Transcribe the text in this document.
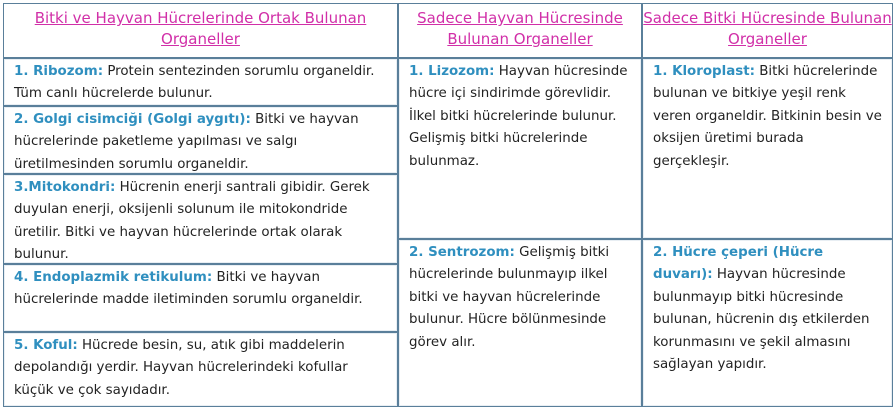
Bitki ve Hayvan Hücrelerinde Ortak Bulunan Organeller
Sadece Hayvan Hücresinde Bulunan Organeller
Sadece Bitki Hücresinde Bulunan Organeller
1. Ribozom: Protein sentezinden sorumlu organeldir. Tüm canlı hücrelerde bulunur.
2. Golgi cisimciği (Golgi aygıtı): Bitki ve hayvan hücrelerinde paketleme yapılması ve salgı üretilmesinden sorumlu organeldir.
3.Mitokondri: Hücrenin enerji santrali gibidir. Gerek duyulan enerji, oksijenli solunum ile mitokondride üretilir. Bitki ve hayvan hücrelerinde ortak olarak bulunur.
4. Endoplazmik retikulum: Bitki ve hayvan hücrelerinde madde iletiminden sorumlu organeldir.
5. Koful: Hücrede besin, su, atık gibi maddelerin depolandığı yerdir. Hayvan hücrelerindeki kofullar küçük ve çok sayıdadır.
1. Lizozom: Hayvan hücresinde hücre içi sindirimde görevlidir. İlkel bitki hücrelerinde bulunur. Gelişmiş bitki hücrelerinde bulunmaz.
2. Sentrozom: Gelişmiş bitki hücrelerinde bulunmayıp ilkel bitki ve hayvan hücrelerinde bulunur. Hücre bölünmesinde görev alır.
1. Kloroplast: Bitki hücrelerinde bulunan ve bitkiye yeşil renk veren organeldir. Bitkinin besin ve oksijen üretimi burada gerçekleşir.
2. Hücre çeperi (Hücre duvarı): Hayvan hücresinde bulunmayıp bitki hücresinde bulunan, hücrenin dış etkilerden korunmasını ve şekil almasını sağlayan yapıdır.
